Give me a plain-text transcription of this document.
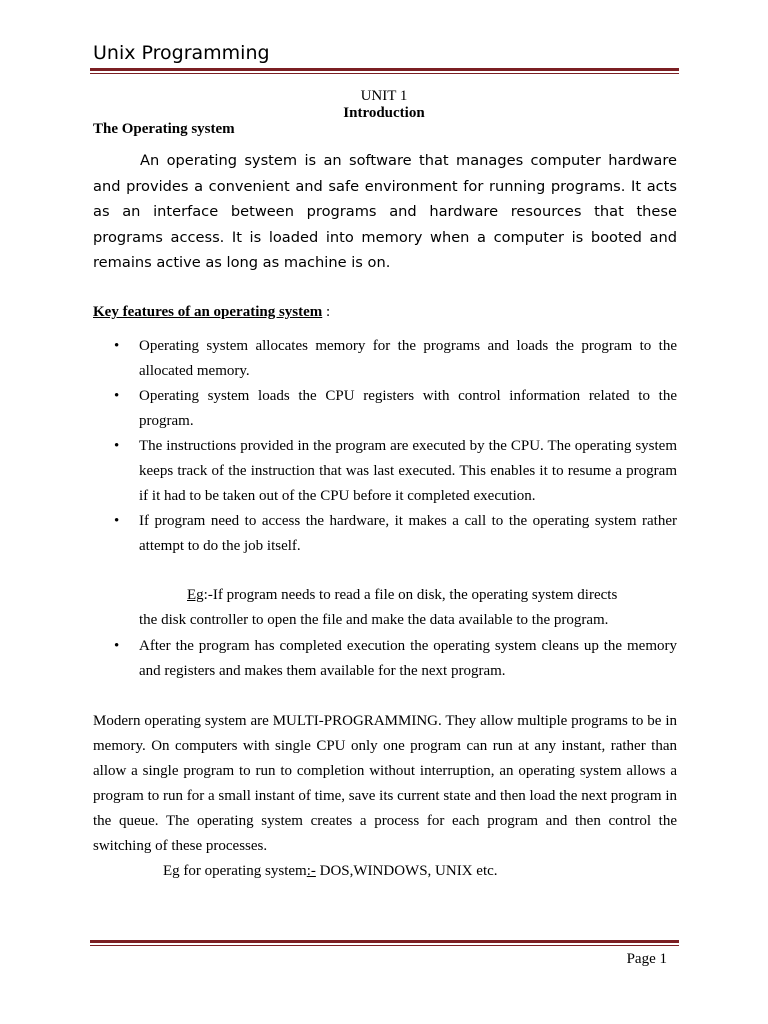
Unix Programming
UNIT 1
Introduction
The Operating system

An operating system is an software that manages computer hardware and provides a convenient and safe environment for running programs. It acts as an interface between programs and hardware resources that these programs access. It is loaded into memory when a computer is booted and remains active as long as machine is on.

Key features of an operating system :
• Operating system allocates memory for the programs and loads the program to the allocated memory.
• Operating system loads the CPU registers with control information related to the program.
• The instructions provided in the program are executed by the CPU. The operating system keeps track of the instruction that was last executed. This enables it to resume a program if it had to be taken out of the CPU before it completed execution.
• If program need to access the hardware, it makes a call to the operating system rather attempt to do the job itself.
Eg:-If program needs to read a file on disk, the operating system directs
the disk controller to open the file and make the data available to the program.
• After the program has completed execution the operating system cleans up the memory and registers and makes them available for the next program.

Modern operating system are MULTI-PROGRAMMING. They allow multiple programs to be in memory. On computers with single CPU only one program can run at any instant, rather than allow a single program to run to completion without interruption, an operating system allows a program to run for a small instant of time, save its current state and then load the next program in the queue. The operating system creates a process for each program and then control the switching of these processes.

Eg for operating system:- DOS,WINDOWS, UNIX etc.
Page 1
